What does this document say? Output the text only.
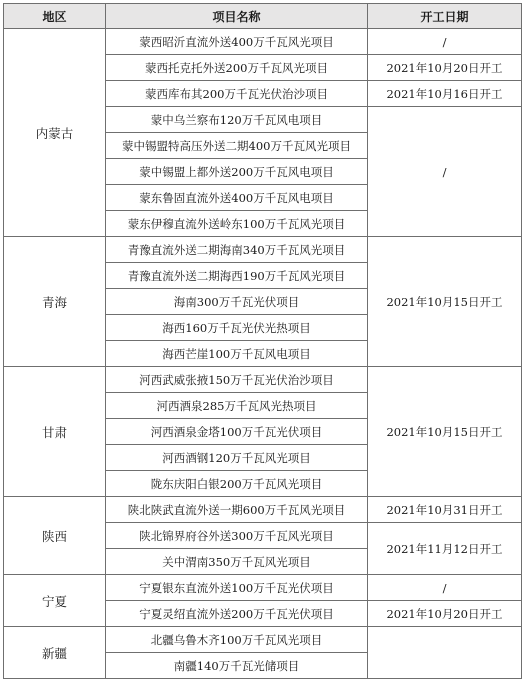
地区	项目名称	开工日期
内蒙古	蒙西昭沂直流外送400万千瓦风光项目	/
	蒙西托克托外送200万千瓦风光项目	2021年10月20日开工
	蒙西库布其200万千瓦光伏治沙项目	2021年10月16日开工
	蒙中乌兰察布120万千瓦风电项目	/
	蒙中锡盟特高压外送二期400万千瓦风光项目	
	蒙中锡盟上都外送200万千瓦风电项目	
	蒙东鲁固直流外送400万千瓦风电项目	
	蒙东伊穆直流外送岭东100万千瓦风光项目	
青海	青豫直流外送二期海南340万千瓦风光项目	2021年10月15日开工
	青豫直流外送二期海西190万千瓦风光项目	
	海南300万千瓦光伏项目	
	海西160万千瓦光伏光热项目	
	海西芒崖100万千瓦风电项目	
甘肃	河西武威张掖150万千瓦光伏治沙项目	2021年10月15日开工
	河西酒泉285万千瓦风光热项目	
	河西酒泉金塔100万千瓦光伏项目	
	河西酒钢120万千瓦风光项目	
	陇东庆阳白银200万千瓦风光项目	
陕西	陕北陕武直流外送一期600万千瓦风光项目	2021年10月31日开工
	陕北锦界府谷外送300万千瓦风光项目	2021年11月12日开工
	关中渭南350万千瓦风光项目	
宁夏	宁夏银东直流外送100万千瓦光伏项目	/
	宁夏灵绍直流外送200万千瓦光伏项目	2021年10月20日开工
新疆	北疆乌鲁木齐100万千瓦风光项目	
	南疆140万千瓦光储项目	
